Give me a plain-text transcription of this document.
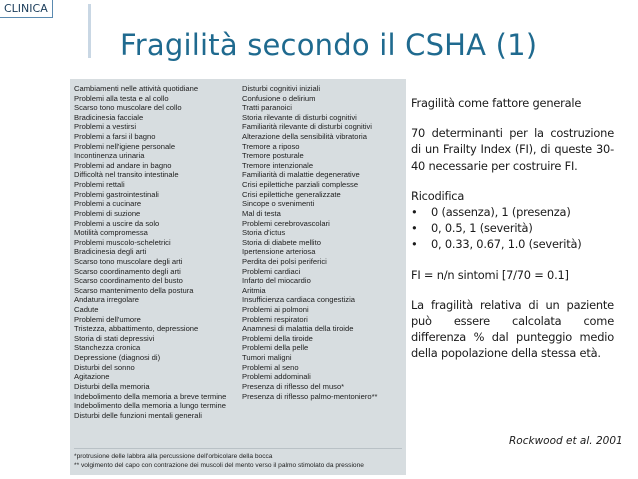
CLINICA
Fragilità secondo il CSHA (1)
Cambiamenti nelle attività quotidiane
Problemi alla testa e al collo
Scarso tono muscolare del collo
Bradicinesia facciale
Problemi a vestirsi
Problemi a farsi il bagno
Problemi nell'igiene personale
Incontinenza urinaria
Problemi ad andare in bagno
Difficoltà nel transito intestinale
Problemi rettali
Problemi gastrointestinali
Problemi a cucinare
Problemi di suzione
Problemi a uscire da solo
Motilità compromessa
Problemi muscolo-scheletrici
Bradicinesia degli arti
Scarso tono muscolare degli arti
Scarso coordinamento degli arti
Scarso coordinamento del busto
Scarso mantenimento della postura
Andatura irregolare
Cadute
Problemi dell'umore
Tristezza, abbattimento, depressione
Storia di stati depressivi
Stanchezza cronica
Depressione (diagnosi di)
Disturbi del sonno
Agitazione
Disturbi della memoria
Indebolimento della memoria a breve termine
Indebolimento della memoria a lungo termine
Disturbi delle funzioni mentali generali
Disturbi cognitivi iniziali
Confusione o delirium
Tratti paranoici
Storia rilevante di disturbi cognitivi
Familiarità rilevante di disturbi cognitivi
Alterazione della sensibilità vibratoria
Tremore a riposo
Tremore posturale
Tremore intenzionale
Familiarità di malattie degenerative
Crisi epilettiche parziali complesse
Crisi epilettiche generalizzate
Sincope o svenimenti
Mal di testa
Problemi cerebrovascolari
Storia d'ictus
Storia di diabete mellito
Ipertensione arteriosa
Perdita dei polsi periferici
Problemi cardiaci
Infarto del miocardio
Aritmia
Insufficienza cardiaca congestizia
Problemi ai polmoni
Problemi respiratori
Anamnesi di malattia della tiroide
Problemi della tiroide
Problemi della pelle
Tumori maligni
Problemi al seno
Problemi addominali
Presenza di riflesso del muso*
Presenza di riflesso palmo-mentoniero**
*protrusione delle labbra alla percussione dell'orbicolare della bocca
** volgimento del capo con contrazione dei muscoli del mento verso il palmo stimolato da pressione

Fragilità come fattore generale

70 determinanti per la costruzione di un Frailty Index (FI), di queste 30-40 necessarie per costruire FI.

Ricodifica

•	0 (assenza), 1 (presenza)
•	0, 0.5, 1 (severità)
•	0, 0.33, 0.67, 1.0 (severità)

FI = n/n sintomi [7/70 = 0.1]

La fragilità relativa di un paziente può essere calcolata come differenza % dal punteggio medio della popolazione della stessa età.

Rockwood et al. 2001
